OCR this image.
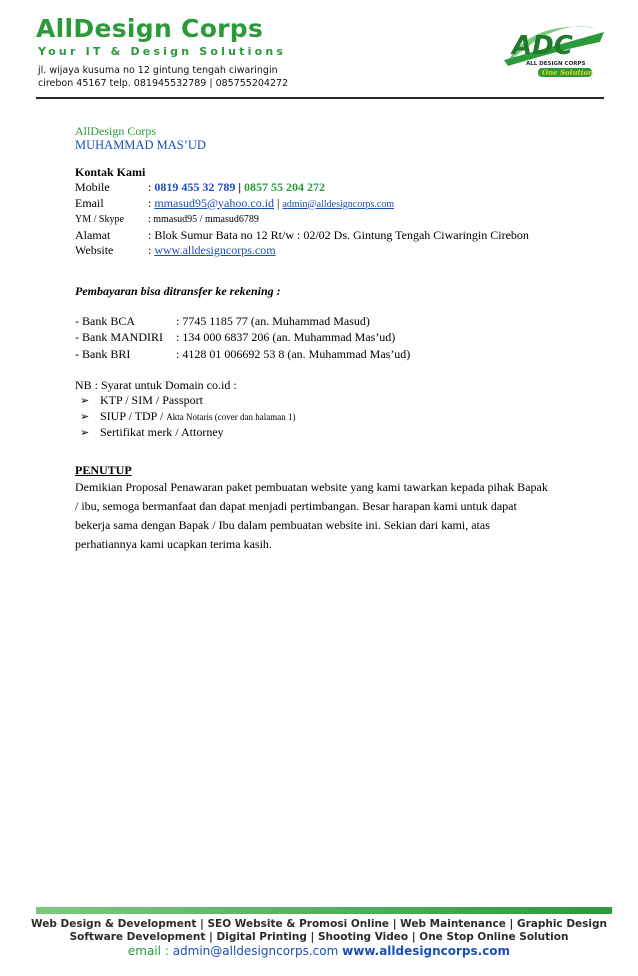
AllDesign Corps
Your IT & Design Solutions
jl. wijaya kusuma no 12 gintung tengah ciwaringin
cirebon 45167 telp. 081945532789 | 085755204272
ADC
ALL DESIGN CORPS
One Solution
AllDesign Corps
MUHAMMAD MAS’UD
Kontak Kami
Mobile	: 0819 455 32 789 | 0857 55 204 272
Email	: mmasud95@yahoo.co.id | admin@alldesigncorps.com
YM / Skype	: mmasud95 / mmasud6789
Alamat	: Blok Sumur Bata no 12 Rt/w : 02/02 Ds. Gintung Tengah Ciwaringin Cirebon
Website	: www.alldesigncorps.com
Pembayaran bisa ditransfer ke rekening :
- Bank BCA	: 7745 1185 77 (an. Muhammad Masud)
- Bank MANDIRI	: 134 000 6837 206 (an. Muhammad Mas’ud)
- Bank BRI	: 4128 01 006692 53 8 (an. Muhammad Mas’ud)
NB : Syarat untuk Domain co.id :
➢ KTP / SIM / Passport
➢ SIUP / TDP / Akta Notaris (cover dan halaman 1)
➢ Sertifikat merk / Attorney
PENUTUP
Demikian Proposal Penawaran paket pembuatan website yang kami tawarkan kepada pihak Bapak / ibu, semoga bermanfaat dan dapat menjadi pertimbangan. Besar harapan kami untuk dapat bekerja sama dengan Bapak / Ibu dalam pembuatan website ini. Sekian dari kami, atas perhatiannya kami ucapkan terima kasih.
Web Design & Development | SEO Website & Promosi Online | Web Maintenance | Graphic Design
Software Development | Digital Printing | Shooting Video | One Stop Online Solution
email : admin@alldesigncorps.com www.alldesigncorps.com
